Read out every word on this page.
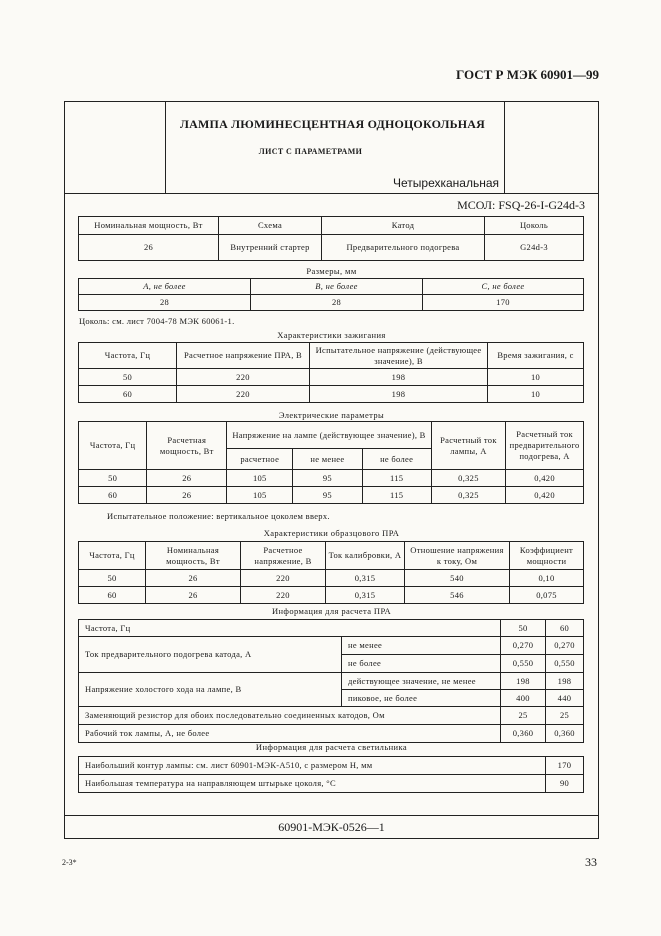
ГОСТ Р МЭК 60901—99
ЛАМПА ЛЮМИНЕСЦЕНТНАЯ ОДНОЦОКОЛЬНАЯ
ЛИСТ С ПАРАМЕТРАМИ
Четырехканальная
МСОЛ: FSQ-26-I-G24d-3
Номинальная мощность, Вт	Схема	Катод	Цоколь
26	Внутренний стартер	Предварительного подогрева	G24d-3
Размеры, мм
A, не более	B, не более	C, не более
28	28	170
Цоколь: см. лист 7004-78 МЭК 60061-1.
Характеристики зажигания
Частота, Гц	Расчетное напряжение ПРА, В	Испытательное напряжение (действующее значение), В	Время зажигания, с
50	220	198	10
60	220	198	10
Электрические параметры
Частота, Гц	Расчетная мощность, Вт	Напряжение на лампе (действующее значение), В			Расчетный ток лампы, А	Расчетный ток предварительного подогрева, А
		расчетное	не менее	не более		
50	26	105	95	115	0,325	0,420
60	26	105	95	115	0,325	0,420
Испытательное положение: вертикальное цоколем вверх.
Характеристики образцового ПРА
Частота, Гц	Номинальная мощность, Вт	Расчетное напряжение, В	Ток калибровки, А	Отношение напряжения к току, Ом	Коэффициент мощности
50	26	220	0,315	540	0,10
60	26	220	0,315	546	0,075
Информация для расчета ПРА
Частота, Гц		50	60
Ток предварительного подогрева катода, А	не менее	0,270	0,270
	не более	0,550	0,550
Напряжение холостого хода на лампе, В	действующее значение, не менее	198	198
	пиковое, не более	400	440
Заменяющий резистор для обоих последовательно соединенных катодов, Ом		25	25
Рабочий ток лампы, А, не более		0,360	0,360
Информация для расчета светильника
Наибольший контур лампы: см. лист 60901-МЭК-А510, с размером H, мм	170
Наибольшая температура на направляющем штырьке цоколя, °С	90
60901-МЭК-0526—1
2-3*	33
